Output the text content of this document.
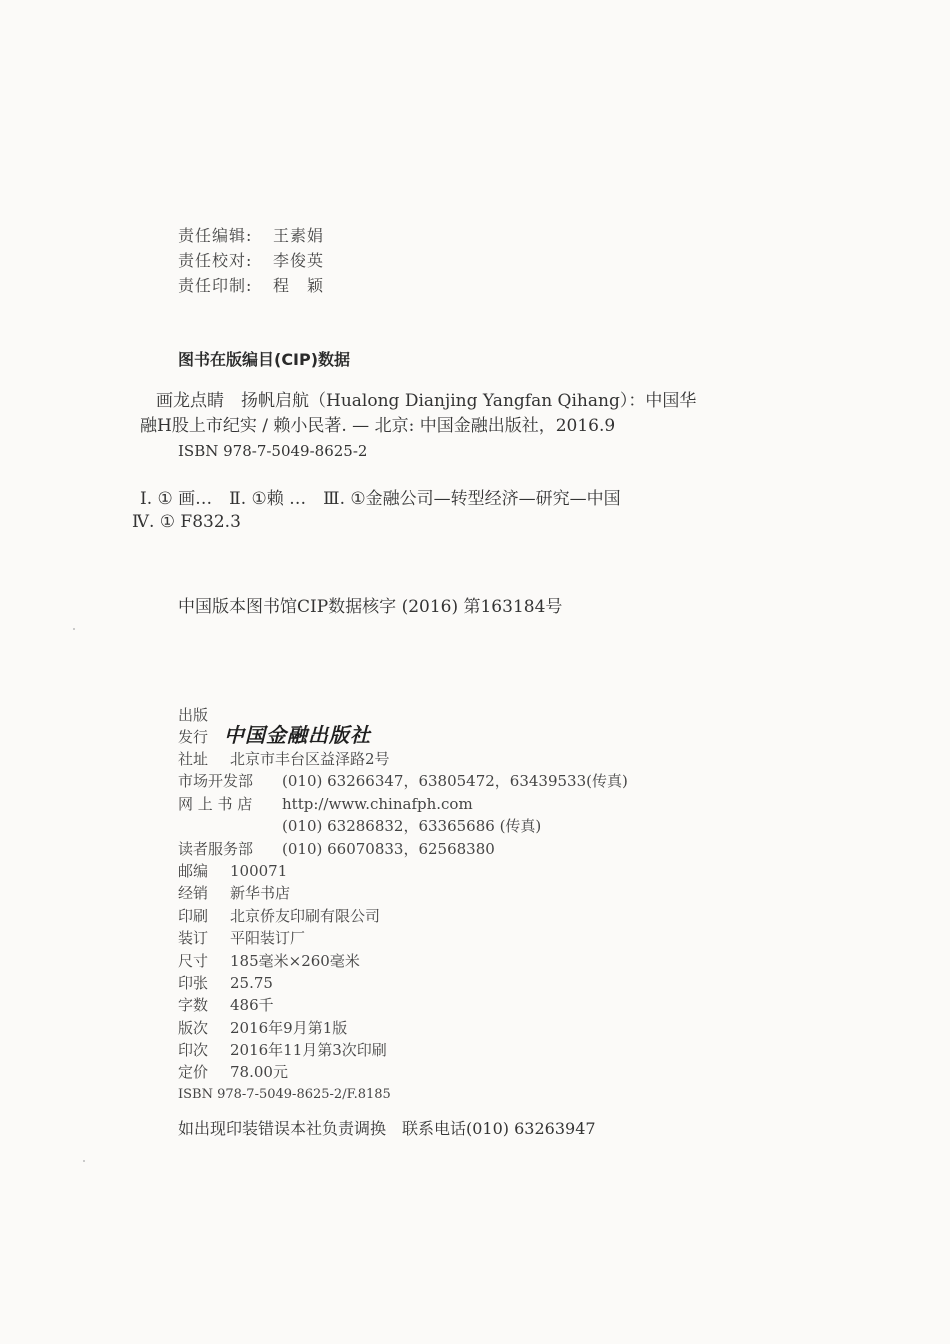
责任编辑:	王素娟
责任校对:	李俊英
责任印制:	程　颖
图书在版编目(CIP)数据
画龙点睛　扬帆启航（Hualong Dianjing Yangfan Qihang）：中国华
融H股上市纪实 / 赖小民著. — 北京: 中国金融出版社，2016.9
ISBN 978-7-5049-8625-2
Ⅰ. ① 画…　Ⅱ. ①赖 …　Ⅲ. ①金融公司—转型经济—研究—中国
Ⅳ. ① F832.3
中国版本图书馆CIP数据核字 (2016) 第163184号
出版
发行 中国金融出版社
社址	北京市丰台区益泽路2号
市场开发部	(010) 63266347，63805472，63439533(传真)
网 上 书 店	http://www.chinafph.com
(010) 63286832，63365686 (传真)
读者服务部	(010) 66070833，62568380
邮编	100071
经销	新华书店
印刷	北京侨友印刷有限公司
装订	平阳装订厂
尺寸	185毫米×260毫米
印张	25.75
字数	486千
版次	2016年9月第1版
印次	2016年11月第3次印刷
定价	78.00元
ISBN 978-7-5049-8625-2/F.8185
如出现印装错误本社负责调换　联系电话(010) 63263947
